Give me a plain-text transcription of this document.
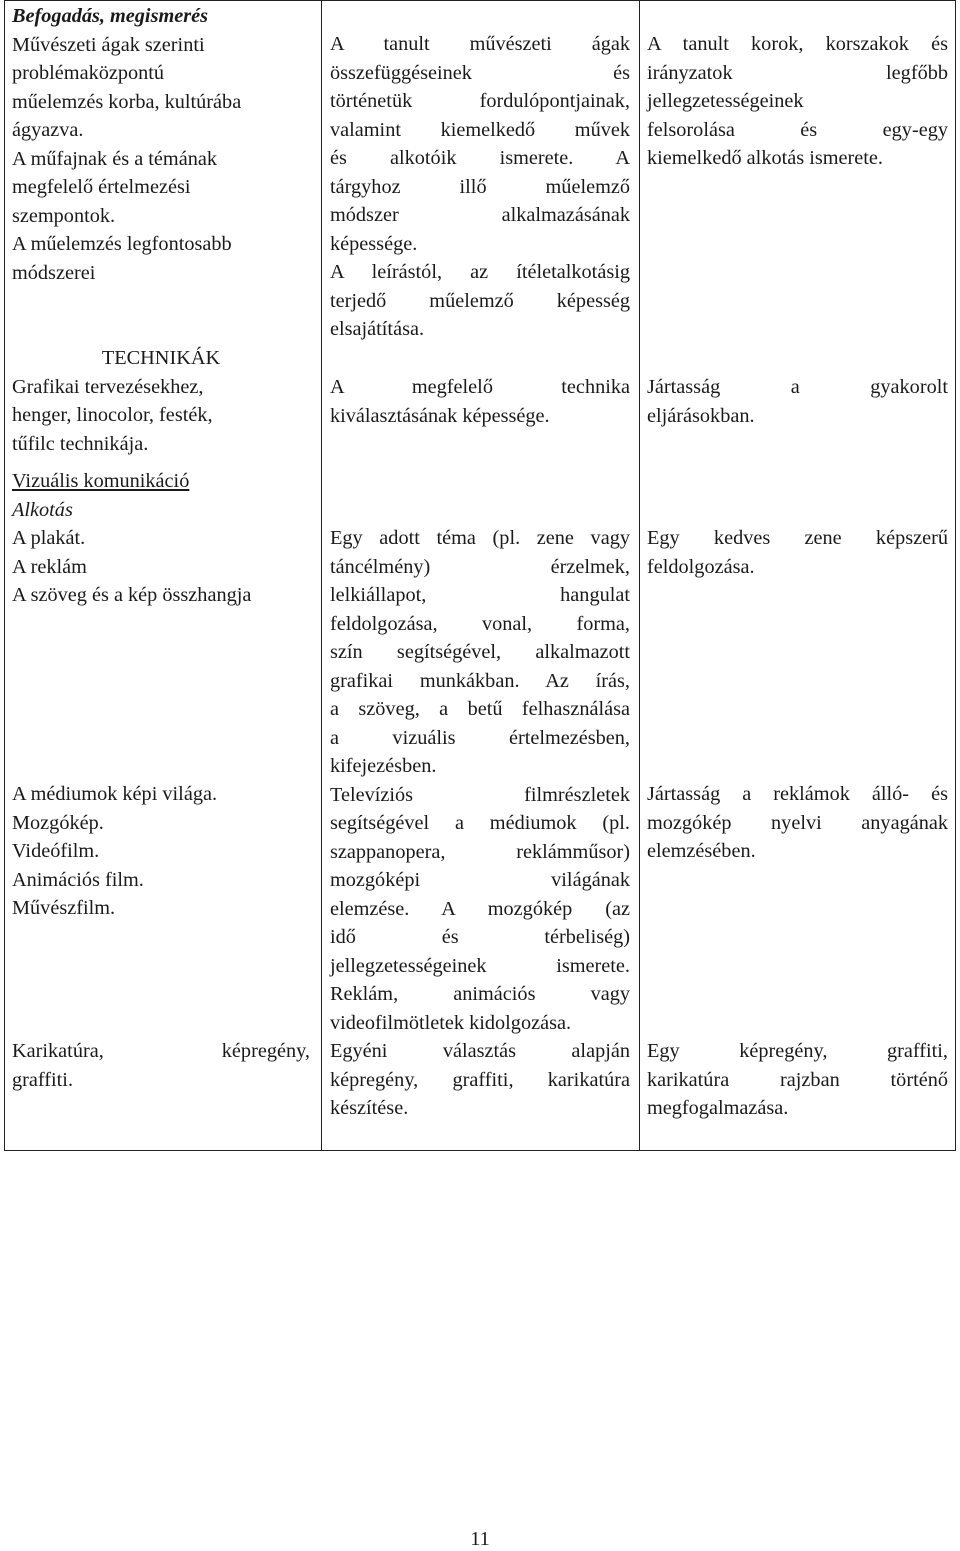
Befogadás, megismerés

Művészeti ágak szerinti

problémaközpontú

műelemzés korba, kultúrába

ágyazva.

A műfajnak és a témának

megfelelő értelmezési

szempontok.

A műelemzés legfontosabb

módszerei

TECHNIKÁK

Grafikai tervezésekhez,

henger, linocolor, festék,

tűfilc technikája.

Vizuális komunikáció

Alkotás

A plakát.

A reklám

A szöveg és a kép összhangja

A médiumok képi világa.

Mozgókép.

Videófilm.

Animációs film.

Művészfilm.

Karikatúra,	képregény,

graffiti.

A tanult művészeti ágak

összefüggéseinek és

történetük fordulópontjainak,

valamint kiemelkedő művek

és alkotóik ismerete. A

tárgyhoz illő műelemző

módszer alkalmazásának

képessége.

A leírástól, az ítéletalkotásig

terjedő műelemző képesség

elsajátítása.

A megfelelő technika

kiválasztásának képessége.

Egy adott téma (pl. zene vagy

táncélmény) érzelmek,

lelkiállapot, hangulat

feldolgozása, vonal, forma,

szín segítségével, alkalmazott

grafikai munkákban. Az írás,

a szöveg, a betű felhasználása

a vizuális értelmezésben,

kifejezésben.

Televíziós filmrészletek

segítségével a médiumok (pl.

szappanopera, reklámműsor)

mozgóképi világának

elemzése. A mozgókép (az

idő és térbeliség)

jellegzetességeinek ismerete.

Reklám, animációs vagy

videofilmötletek kidolgozása.

Egyéni választás alapján

képregény, graffiti, karikatúra

készítése.

A tanult korok, korszakok és

irányzatok legfőbb

jellegzetességeinek

felsorolása és egy-egy

kiemelkedő alkotás ismerete.

Jártasság a gyakorolt

eljárásokban.

Egy kedves zene képszerű

feldolgozása.

Jártasság a reklámok álló- és

mozgókép nyelvi anyagának

elemzésében.

Egy képregény, graffiti,

karikatúra rajzban történő

megfogalmazása.

11
